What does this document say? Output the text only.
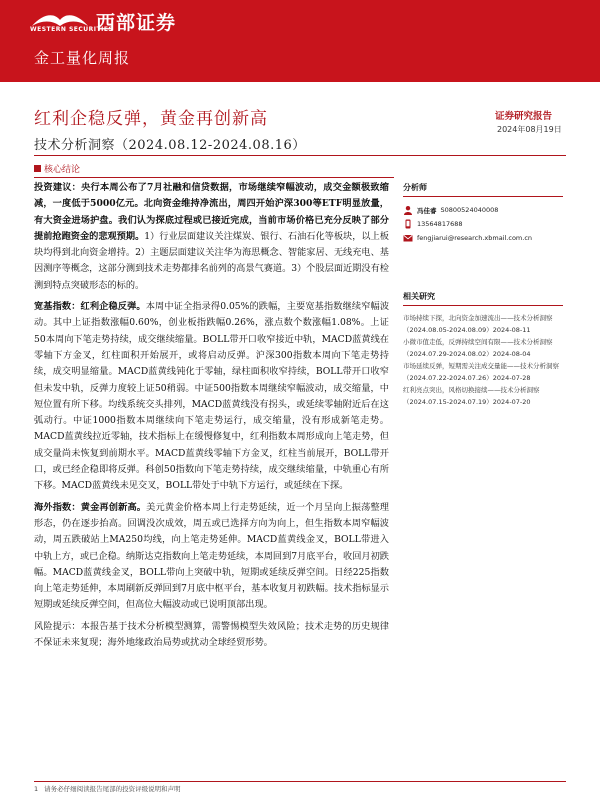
WESTERN SECURITIES
西部证券
金工量化周报
红利企稳反弹，黄金再创新高
技术分析洞察（2024.08.12-2024.08.16）
证券研究报告
2024年08月19日
核心结论

投资建议：央行本周公布了7月社融和信贷数据，市场继续窄幅波动，成交金额极致缩减，一度低于5000亿元。北向资金维持净流出，周四开始沪深300等ETF明显放量，有大资金进场护盘。我们认为探底过程或已接近完成，当前市场价格已充分反映了部分提前抢跑资金的悲观预期。1）行业层面建议关注煤炭、银行、石油石化等板块，以上板块均得到北向资金增持。2）主题层面建议关注华为海思概念、智能家居、无线充电、基因测序等概念，这部分测到技术走势都排名前列的高景气赛道。3）个股层面近期没有检测到特点突破形态的标的。

宽基指数：红利企稳反弹。本周中证全指录得0.05%的跌幅，主要宽基指数继续窄幅波动。其中上证指数涨幅0.60%，创业板指跌幅0.26%，涨点数个数涨幅1.08%。上证50本周向下笔走势持续，成交继续缩量。BOLL带开口收窄接近中轨，MACD蓝黄线在零轴下方金叉，红柱面积开始展开，或将启动反弹。沪深300指数本周向下笔走势持续，成交明显缩量。MACD蓝黄线钝化于零轴，绿柱面积收窄持续，BOLL带开口收窄但未发中轨，反弹力度较上证50稍弱。中证500指数本周继续窄幅波动，成交缩量，中短位置有所下移。均线系统交头排列，MACD蓝黄线没有拐头，或延续零轴附近后在这弧动行。中证1000指数本周继续向下笔走势运行，成交缩量，没有形成新笔走势。MACD蓝黄线拉近零轴，技术指标上在缓慢修复中，红利指数本周形成向上笔走势，但成交量尚未恢复到前期水平。MACD蓝黄线零轴下方金叉，红柱当前展开，BOLL带开口，或已经企稳即将反弹。科创50指数向下笔走势持续，成交继续缩量，中轨重心有所下移。MACD蓝黄线未见交叉，BOLL带处于中轨下方运行，或延续在下探。

海外指数：黄金再创新高。美元黄金价格本周上行走势延续，近一个月呈向上振荡整理形态，仍在逐步抬高。回调没次成效，周五或已选择方向为向上，但生指数本周窄幅波动，周五跌破站上MA250均线，向上笔走势延伸。MACD蓝黄线金叉，BOLL带进入中轨上方，或已企稳。纳斯达克指数向上笔走势延续，本周回到7月底平台，收回月初跌幅。MACD蓝黄线金叉，BOLL带向上突破中轨，短期或延续反弹空间。日经225指数向上笔走势延伸，本周刷新反弹回到7月底中枢平台，基本收复月初跌幅。技术指标显示短期或延续反弹空间，但高位大幅波动或已说明顶部出现。

风险提示：本报告基于技术分析模型测算，需警惕模型失效风险；技术走势的历史规律不保证未来复现；海外地缘政治局势或扰动全球经贸形势。

分析师
冯佳睿 S0800524040008
13564817688
fengjiarui@research.xbmail.com.cn
相关研究
市场持续下探，北向资金加速流出——技术分析洞察（2024.08.05-2024.08.09）2024-08-11
小微市值走低，反弹持续空间有限——技术分析洞察（2024.07.29-2024.08.02）2024-08-04
市场延续反弹，短期需关注成交量能——技术分析洞察（2024.07.22-2024.07.26）2024-07-28
红利亮点突出，风格切换接续——技术分析洞察（2024.07.15-2024.07.19）2024-07-20
1 请务必仔细阅读报告尾部的投资评级说明和声明
